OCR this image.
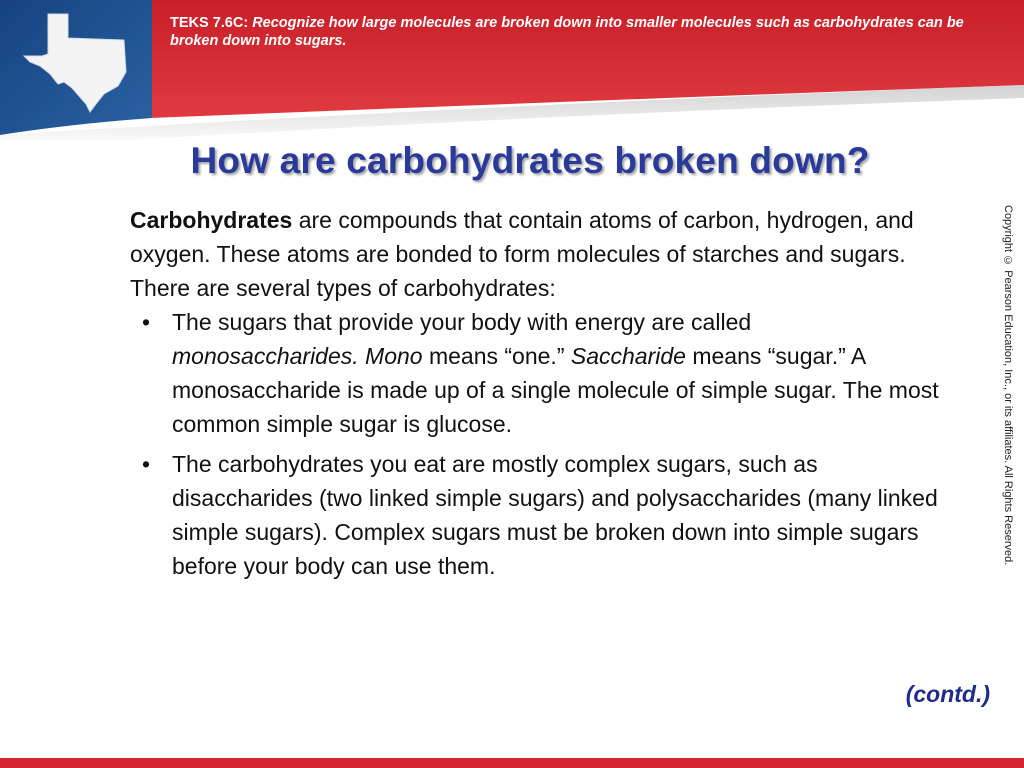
TEKS 7.6C: Recognize how large molecules are broken down into smaller molecules such as carbohydrates can be broken down into sugars.
How are carbohydrates broken down?

Carbohydrates are compounds that contain atoms of carbon, hydrogen, and oxygen. These atoms are bonded to form molecules of starches and sugars. There are several types of carbohydrates:

• The sugars that provide your body with energy are called monosaccharides. Mono means “one.” Saccharide means “sugar.” A monosaccharide is made up of a single molecule of simple sugar. The most common simple sugar is glucose.
• The carbohydrates you eat are mostly complex sugars, such as disaccharides (two linked simple sugars) and polysaccharides (many linked simple sugars). Complex sugars must be broken down into simple sugars before your body can use them.
Copyright © Pearson Education, Inc., or its affiliates. All Rights Reserved.
(contd.)
